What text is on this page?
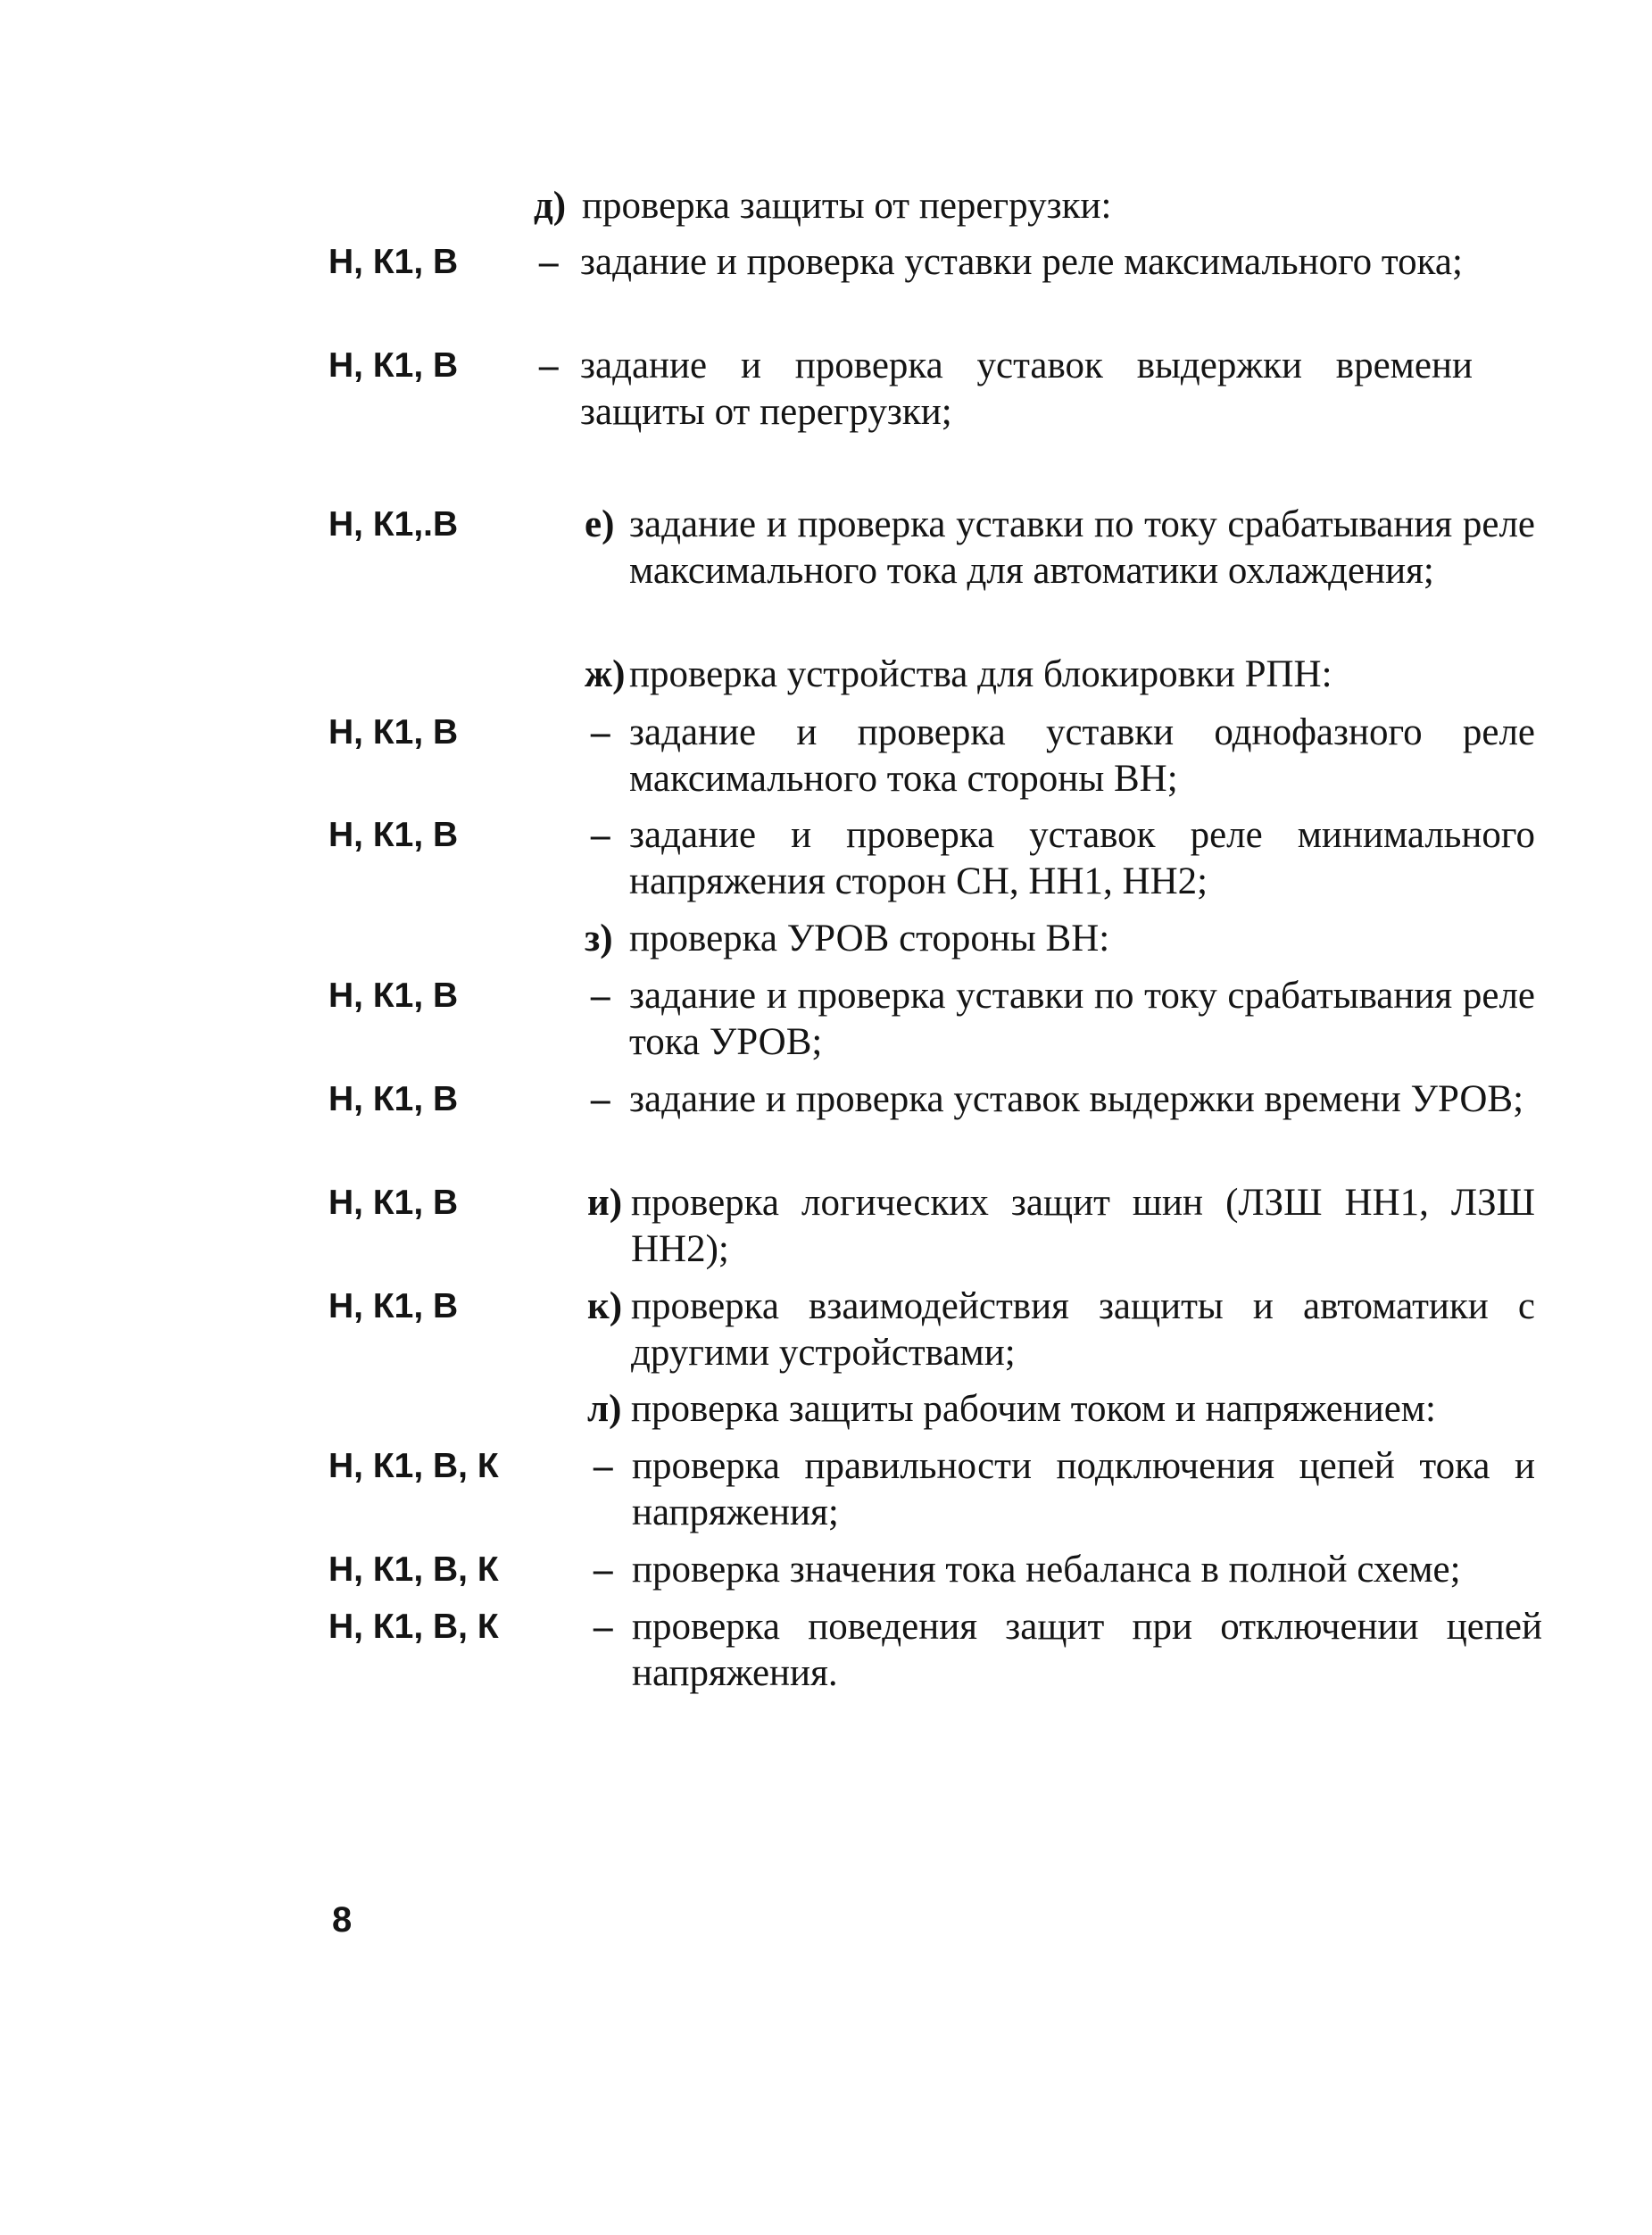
д) проверка защиты от перегрузки:
Н, К1, В – задание и проверка уставки реле максимального тока;
Н, К1, В – задание и проверка уставок выдержки времени защиты от перегрузки;
Н, К1,.В	е) задание и проверка уставки по току срабатывания реле максимального тока для автоматики охлаждения;
ж) проверка устройства для блокировки РПН:
Н, К1, В	– задание и проверка уставки однофазного реле максимального тока стороны ВН;
Н, К1, В	– задание и проверка уставок реле минимального напряжения сторон СН, НН1, НН2;
з) проверка УРОВ стороны ВН:
Н, К1, В	– задание и проверка уставки по току срабатывания реле тока УРОВ;
Н, К1, В	– задание и проверка уставок выдержки времени УРОВ;
Н, К1, В	и) проверка логических защит шин (ЛЗШ НН1, ЛЗШ НН2);
Н, К1, В	к) проверка взаимодействия защиты и автоматики с другими устройствами;
л) проверка защиты рабочим током и напряжением:
Н, К1, В, К – проверка правильности подключения цепей тока и напряжения;
Н, К1, В, К – проверка значения тока небаланса в полной схеме;
Н, К1, В, К – проверка поведения защит при отключении цепей напряжения.
8
